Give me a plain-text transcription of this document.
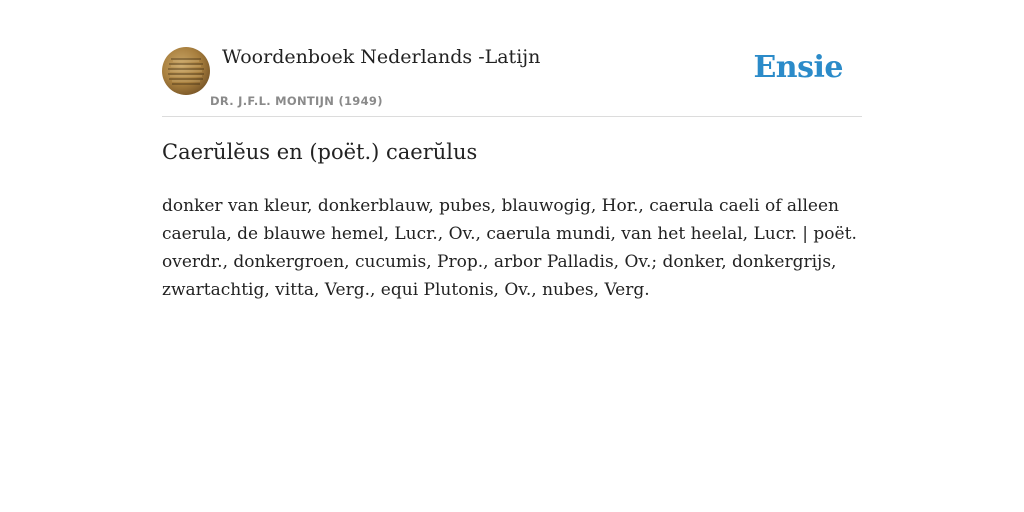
Woordenboek Nederlands -Latijn
DR. J.F.L. MONTIJN (1949)
Ensie
Caerŭlĕus en (poët.) caerŭlus

donker van kleur, donkerblauw, pubes, blauwogig, Hor., caerula caeli of alleen caerula, de blauwe hemel, Lucr., Ov., caerula mundi, van het heelal, Lucr. | poët. overdr., donkergroen, cucumis, Prop., arbor Palladis, Ov.; donker, donkergrijs, zwartachtig, vitta, Verg., equi Plutonis, Ov., nubes, Verg.
